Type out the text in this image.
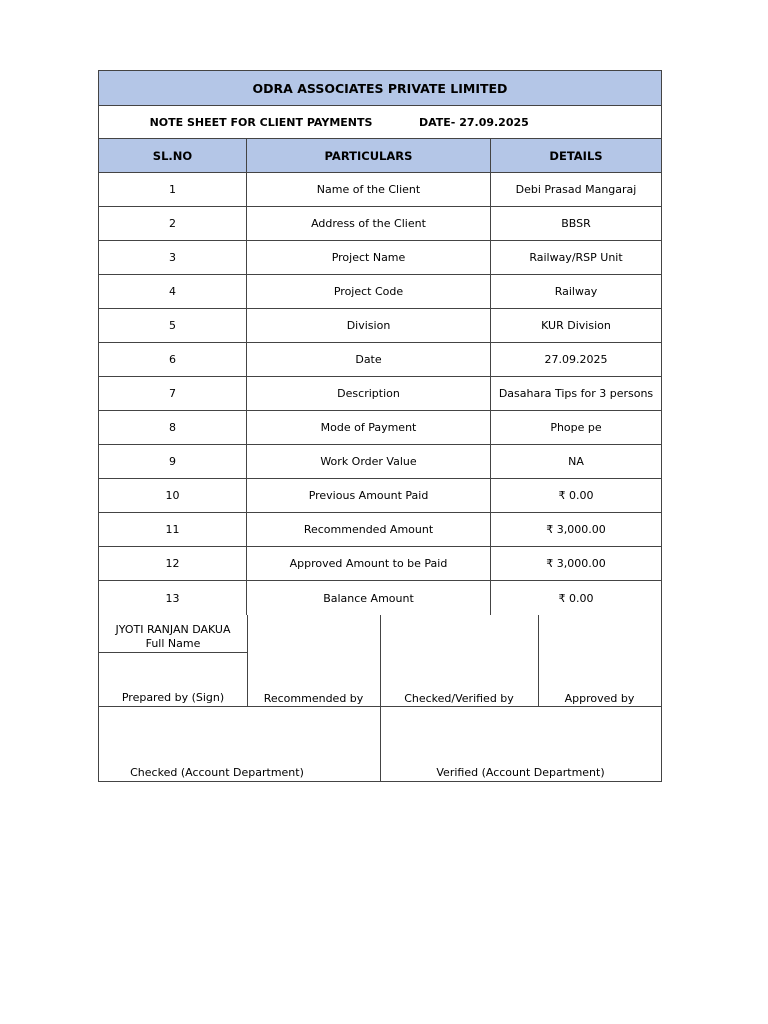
ODRA ASSOCIATES PRIVATE LIMITED
NOTE SHEET FOR CLIENT PAYMENTS	DATE- 27.09.2025
SL.NO	PARTICULARS	DETAILS
1	Name of the Client	Debi Prasad Mangaraj
2	Address of the Client	BBSR
3	Project Name	Railway/RSP Unit
4	Project Code	Railway
5	Division	KUR Division
6	Date	27.09.2025
7	Description	Dasahara Tips for 3 persons
8	Mode of Payment	Phope pe
9	Work Order Value	NA
10	Previous Amount Paid	₹ 0.00
11	Recommended Amount	₹ 3,000.00
12	Approved Amount to be Paid	₹ 3,000.00
13	Balance Amount	₹ 0.00
JYOTI RANJAN DAKUA
Full Name
Prepared by (Sign)	Recommended by	Checked/Verified by	Approved by
Checked (Account Department)	Verified (Account Department)
